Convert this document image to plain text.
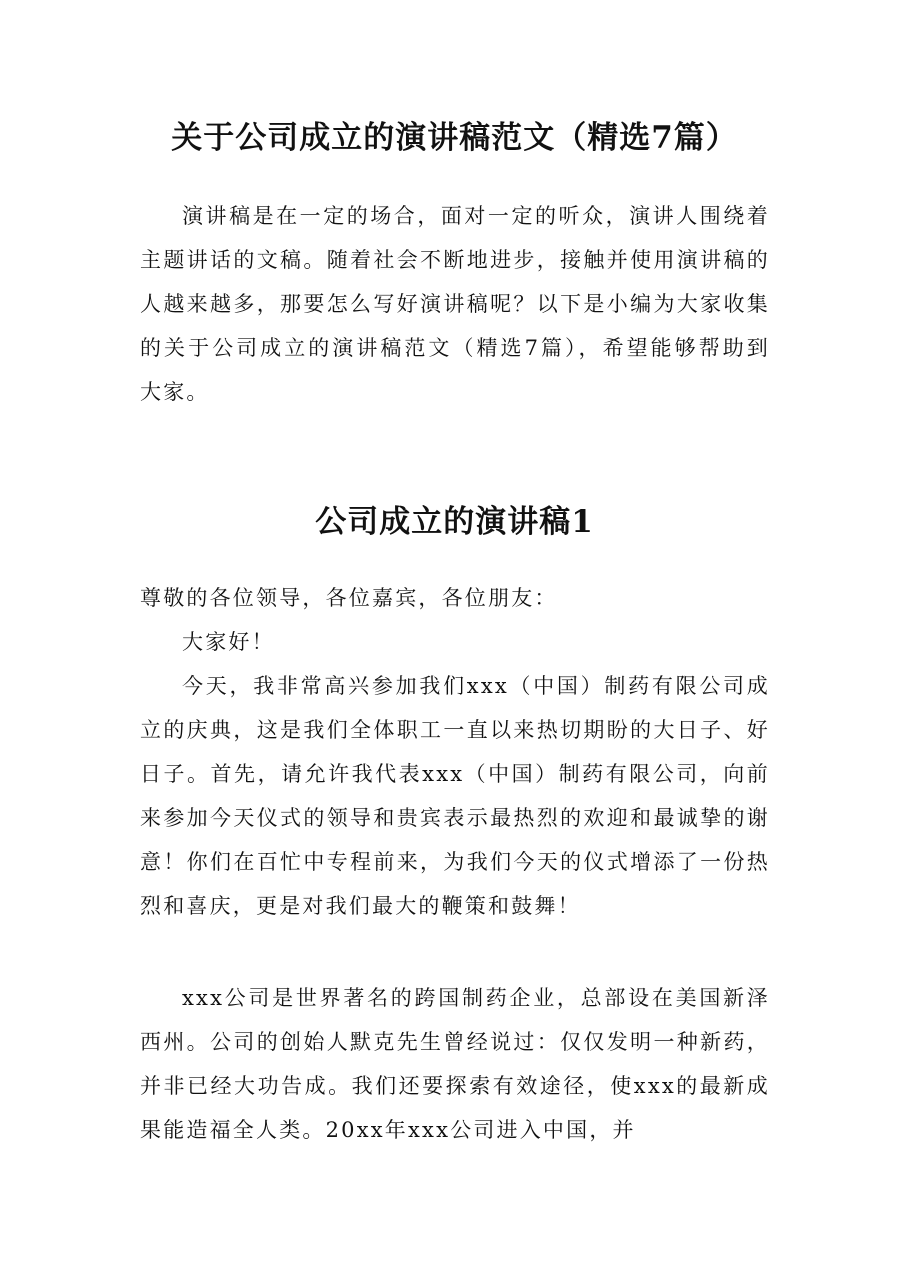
关于公司成立的演讲稿范文（精选7篇）

演讲稿是在一定的场合，面对一定的听众，演讲人围绕着主题讲话的文稿。随着社会不断地进步，接触并使用演讲稿的人越来越多，那要怎么写好演讲稿呢？以下是小编为大家收集的关于公司成立的演讲稿范文（精选7篇），希望能够帮助到大家。

公司成立的演讲稿1

尊敬的各位领导，各位嘉宾，各位朋友：

大家好！

今天，我非常高兴参加我们xxx（中国）制药有限公司成立的庆典，这是我们全体职工一直以来热切期盼的大日子、好日子。首先，请允许我代表xxx（中国）制药有限公司，向前来参加今天仪式的领导和贵宾表示最热烈的欢迎和最诚挚的谢意！你们在百忙中专程前来，为我们今天的仪式增添了一份热烈和喜庆，更是对我们最大的鞭策和鼓舞！

xxx公司是世界著名的跨国制药企业，总部设在美国新泽西州。公司的创始人默克先生曾经说过：仅仅发明一种新药，并非已经大功告成。我们还要探索有效途径，使xxx的最新成果能造福全人类。20xx年xxx公司进入中国，并
